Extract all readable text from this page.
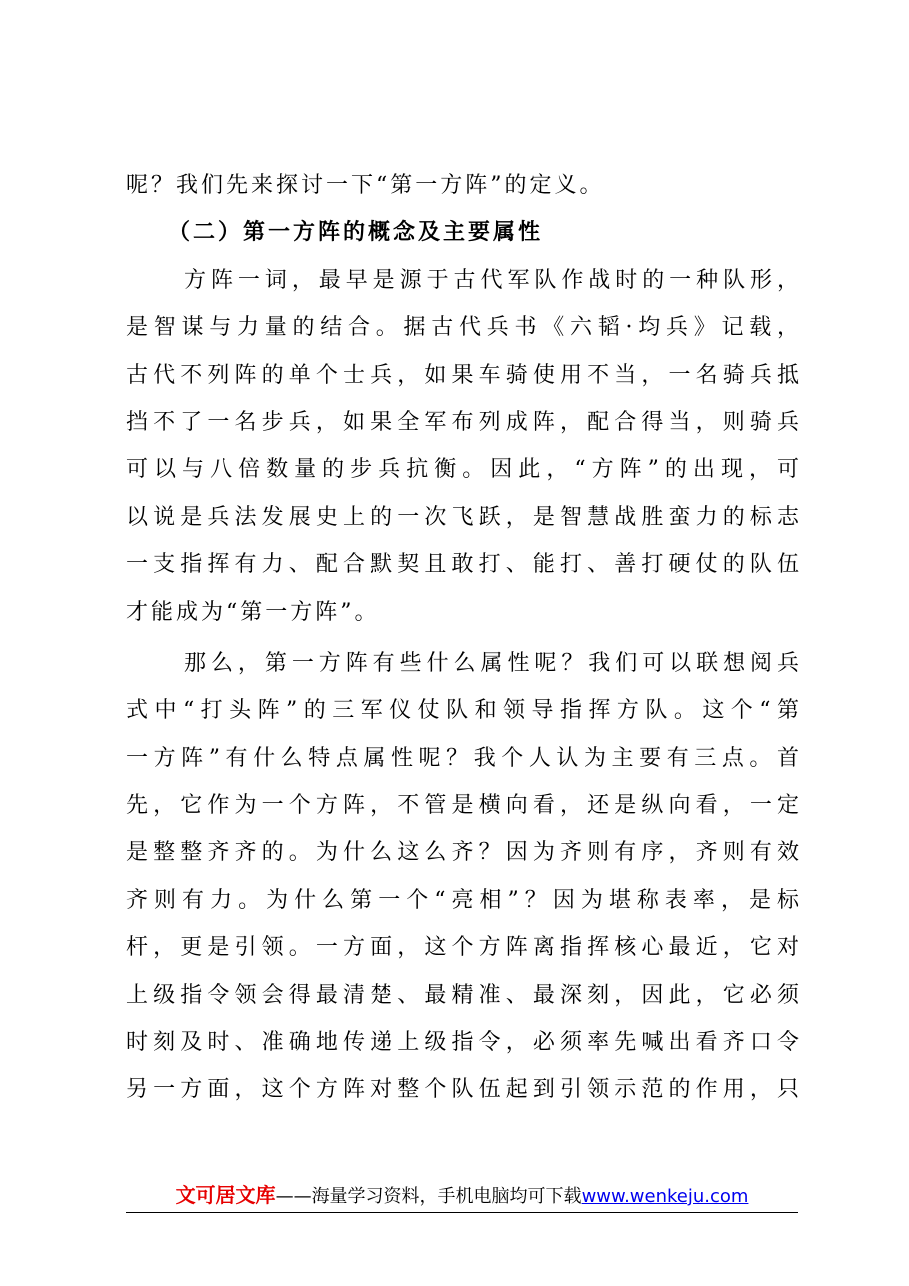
呢？我们先来探讨一下“第一方阵”的定义。
（二）第一方阵的概念及主要属性
方阵一词，最早是源于古代军队作战时的一种队形，
是智谋与力量的结合。据古代兵书《六韬·均兵》记载，
古代不列阵的单个士兵，如果车骑使用不当，一名骑兵抵
挡不了一名步兵，如果全军布列成阵，配合得当，则骑兵
可以与八倍数量的步兵抗衡。因此，“方阵”的出现，可
以说是兵法发展史上的一次飞跃，是智慧战胜蛮力的标志
一支指挥有力、配合默契且敢打、能打、善打硬仗的队伍
才能成为“第一方阵”。
那么，第一方阵有些什么属性呢？我们可以联想阅兵
式中“打头阵”的三军仪仗队和领导指挥方队。这个“第
一方阵”有什么特点属性呢？我个人认为主要有三点。首
先，它作为一个方阵，不管是横向看，还是纵向看，一定
是整整齐齐的。为什么这么齐？因为齐则有序，齐则有效
齐则有力。为什么第一个“亮相”？因为堪称表率，是标
杆，更是引领。一方面，这个方阵离指挥核心最近，它对
上级指令领会得最清楚、最精准、最深刻，因此，它必须
时刻及时、准确地传递上级指令，必须率先喊出看齐口令
另一方面，这个方阵对整个队伍起到引领示范的作用，只
文可居文库——海量学习资料，手机电脑均可下载www.wenkeju.com
